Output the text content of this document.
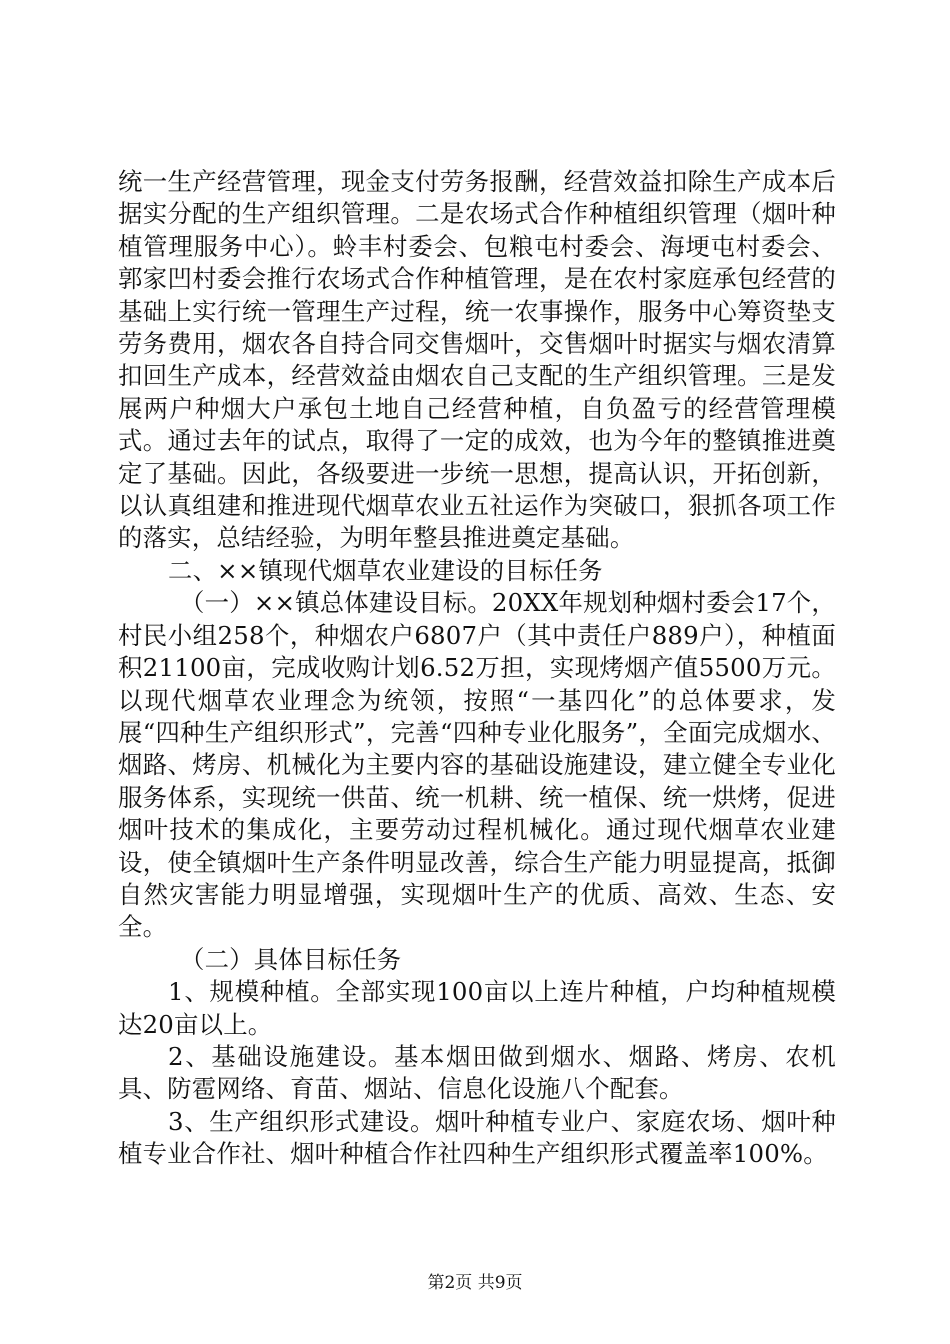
统一生产经营管理，现金支付劳务报酬，经营效益扣除生产成本后据实分配的生产组织管理。二是农场式合作种植组织管理（烟叶种植管理服务中心）。蛉丰村委会、包粮屯村委会、海埂屯村委会、郭家凹村委会推行农场式合作种植管理，是在农村家庭承包经营的基础上实行统一管理生产过程，统一农事操作，服务中心筹资垫支劳务费用，烟农各自持合同交售烟叶，交售烟叶时据实与烟农清算扣回生产成本，经营效益由烟农自己支配的生产组织管理。三是发展两户种烟大户承包土地自己经营种植，自负盈亏的经营管理模式。通过去年的试点，取得了一定的成效，也为今年的整镇推进奠定了基础。因此，各级要进一步统一思想，提高认识，开拓创新，以认真组建和推进现代烟草农业五社运作为突破口，狠抓各项工作的落实，总结经验，为明年整县推进奠定基础。

二、××镇现代烟草农业建设的目标任务

（一）××镇总体建设目标。20XX年规划种烟村委会17个，村民小组258个，种烟农户6807户（其中责任户889户），种植面积21100亩，完成收购计划6.52万担，实现烤烟产值5500万元。以现代烟草农业理念为统领，按照“一基四化”的总体要求，发展“四种生产组织形式”，完善“四种专业化服务”，全面完成烟水、烟路、烤房、机械化为主要内容的基础设施建设，建立健全专业化服务体系，实现统一供苗、统一机耕、统一植保、统一烘烤，促进烟叶技术的集成化，主要劳动过程机械化。通过现代烟草农业建设，使全镇烟叶生产条件明显改善，综合生产能力明显提高，抵御自然灾害能力明显增强，实现烟叶生产的优质、高效、生态、安全。

（二）具体目标任务

1、规模种植。全部实现100亩以上连片种植，户均种植规模达20亩以上。

2、基础设施建设。基本烟田做到烟水、烟路、烤房、农机具、防雹网络、育苗、烟站、信息化设施八个配套。

3、生产组织形式建设。烟叶种植专业户、家庭农场、烟叶种植专业合作社、烟叶种植合作社四种生产组织形式覆盖率100%。

第2页 共9页
